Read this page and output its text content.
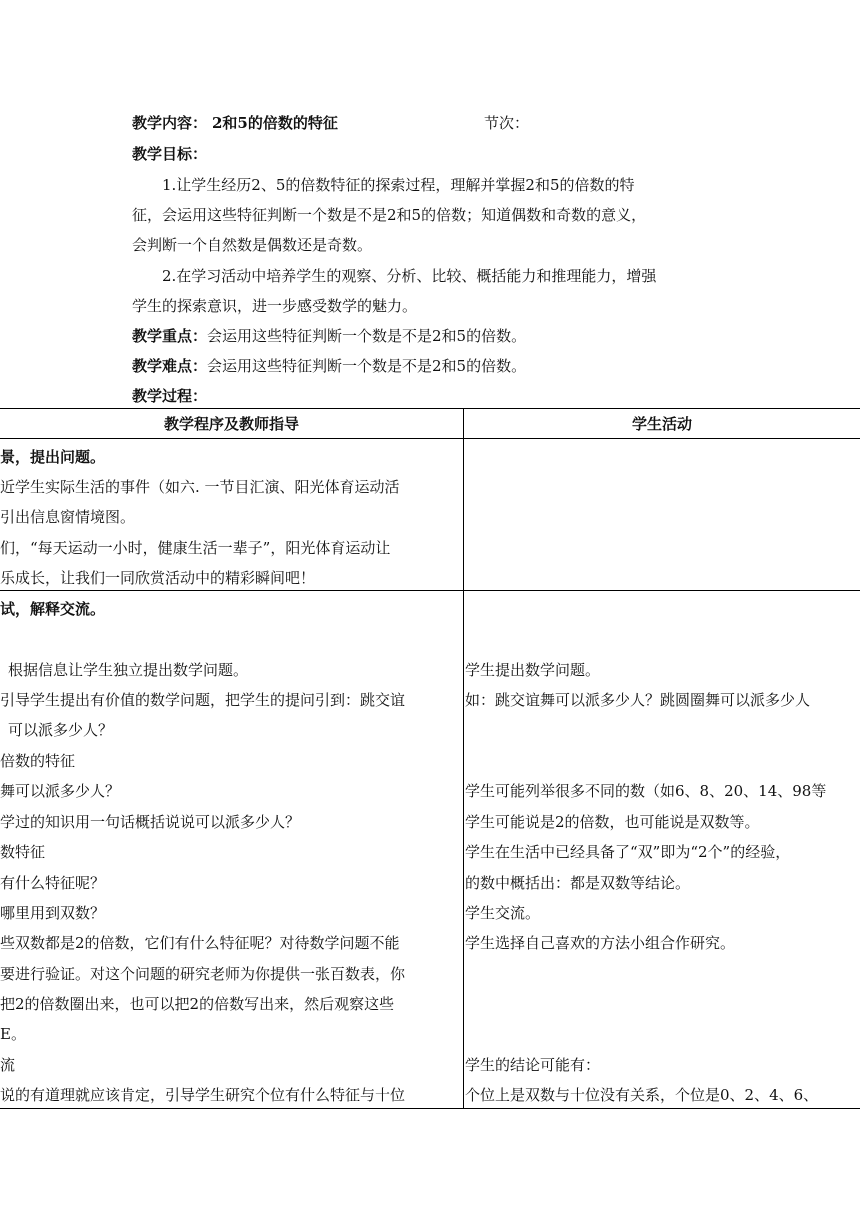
教学内容： 2和5的倍数的特征	节次：
教学目标：
1.让学生经历2、5的倍数特征的探索过程，理解并掌握2和5的倍数的特
征，会运用这些特征判断一个数是不是2和5的倍数；知道偶数和奇数的意义，
会判断一个自然数是偶数还是奇数。
2.在学习活动中培养学生的观察、分析、比较、概括能力和推理能力，增强
学生的探索意识，进一步感受数学的魅力。
教学重点：会运用这些特征判断一个数是不是2和5的倍数。
教学难点：会运用这些特征判断一个数是不是2和5的倍数。
教学过程：
教学程序及教师指导	学生活动
景，提出问题。
近学生实际生活的事件（如六. 一节目汇演、阳光体育运动活
引出信息窗情境图。
们，“每天运动一小时，健康生活一辈子”，阳光体育运动让
乐成长，让我们一同欣赏活动中的精彩瞬间吧！
试，解释交流。
根据信息让学生独立提出数学问题。
引导学生提出有价值的数学问题，把学生的提问引到：跳交谊
可以派多少人？
倍数的特征
舞可以派多少人？
学过的知识用一句话概括说说可以派多少人？
数特征
有什么特征呢？
哪里用到双数？
些双数都是2的倍数，它们有什么特征呢？对待数学问题不能
要进行验证。对这个问题的研究老师为你提供一张百数表，你
把2的倍数圈出来，也可以把2的倍数写出来，然后观察这些
E。
流
说的有道理就应该肯定，引导学生研究个位有什么特征与十位
学生提出数学问题。
如：跳交谊舞可以派多少人？跳圆圈舞可以派多少人
学生可能列举很多不同的数（如6、8、20、14、98等
学生可能说是2的倍数，也可能说是双数等。
学生在生活中已经具备了“双”即为“2个”的经验，
的数中概括出：都是双数等结论。
学生交流。
学生选择自己喜欢的方法小组合作研究。
学生的结论可能有：
个位上是双数与十位没有关系，个位是0、2、4、6、
